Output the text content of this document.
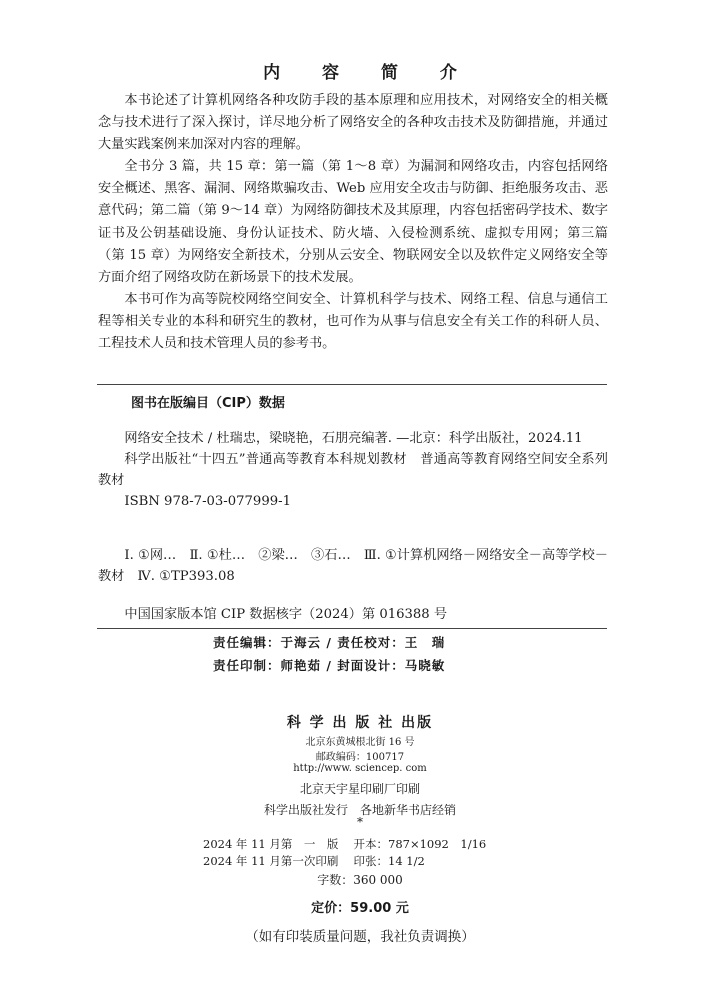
内 容 简 介

本书论述了计算机网络各种攻防手段的基本原理和应用技术，对网络安全的相关概念与技术进行了深入探讨，详尽地分析了网络安全的各种攻击技术及防御措施，并通过大量实践案例来加深对内容的理解。

全书分 3 篇，共 15 章：第一篇（第 1～8 章）为漏洞和网络攻击，内容包括网络安全概述、黑客、漏洞、网络欺骗攻击、Web 应用安全攻击与防御、拒绝服务攻击、恶意代码；第二篇（第 9～14 章）为网络防御技术及其原理，内容包括密码学技术、数字证书及公钥基础设施、身份认证技术、防火墙、入侵检测系统、虚拟专用网；第三篇（第 15 章）为网络安全新技术，分别从云安全、物联网安全以及软件定义网络安全等方面介绍了网络攻防在新场景下的技术发展。

本书可作为高等院校网络空间安全、计算机科学与技术、网络工程、信息与通信工程等相关专业的本科和研究生的教材，也可作为从事与信息安全有关工作的科研人员、工程技术人员和技术管理人员的参考书。

图书在版编目（CIP）数据

网络安全技术 / 杜瑞忠，梁晓艳，石朋亮编著. —北京：科学出版社，2024.11

科学出版社“十四五”普通高等教育本科规划教材　普通高等教育网络空间安全系列教材

ISBN 978-7-03-077999-1

Ⅰ. ①网…　Ⅱ. ①杜…　②梁…　③石…　Ⅲ. ①计算机网络－网络安全－高等学校－教材　Ⅳ. ①TP393.08

中国国家版本馆 CIP 数据核字（2024）第 016388 号

责任编辑：于海云 / 责任校对：王　瑞
责任印制：师艳茹 / 封面设计：马晓敏
科 学 出 版 社 出版
北京东黄城根北街 16 号
邮政编码：100717
http://www. sciencep. com
北京天宇星印刷厂印刷
科学出版社发行　各地新华书店经销
*
2024 年 11 月第　一　版　 开本：787×1092　1/16
2024 年 11 月第一次印刷　 印张：14 1/2
字数：360 000
定价：59.00 元
（如有印装质量问题，我社负责调换）
